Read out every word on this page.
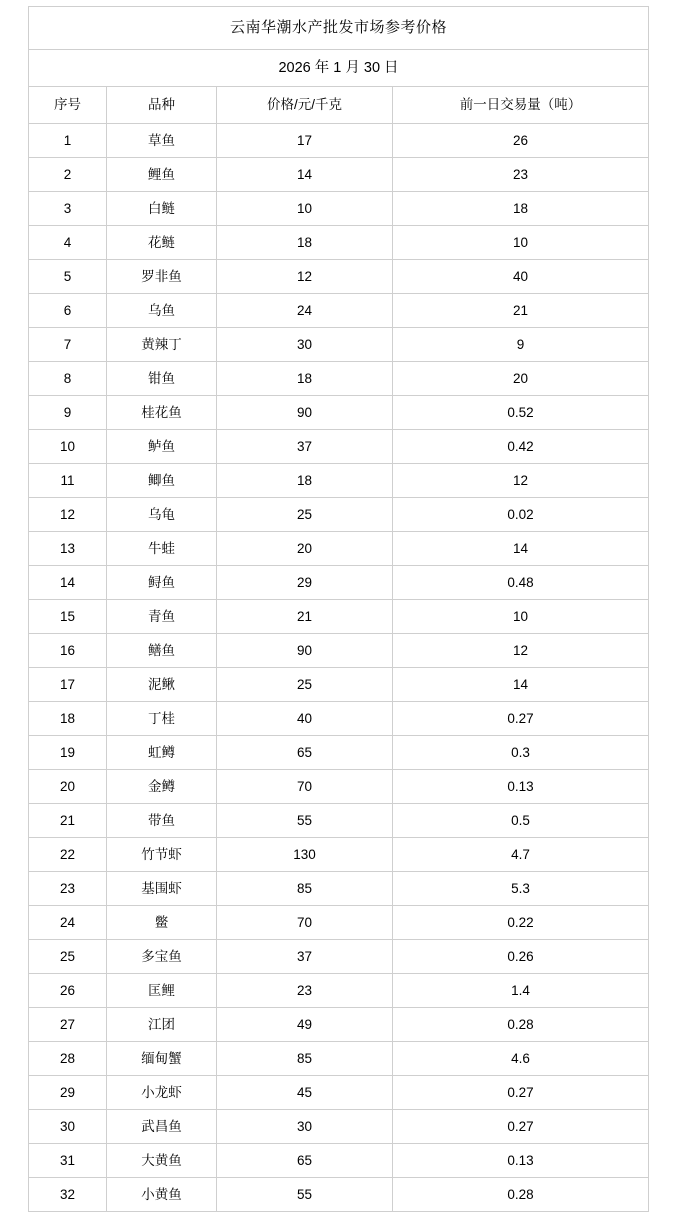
云南华潮水产批发市场参考价格			
2026 年 1 月 30 日			
序号	品种	价格/元/千克	前一日交易量（吨）
1	草鱼	17	26
2	鲤鱼	14	23
3	白鲢	10	18
4	花鲢	18	10
5	罗非鱼	12	40
6	乌鱼	24	21
7	黄辣丁	30	9
8	钳鱼	18	20
9	桂花鱼	90	0.52
10	鲈鱼	37	0.42
11	鲫鱼	18	12
12	乌龟	25	0.02
13	牛蛙	20	14
14	鲟鱼	29	0.48
15	青鱼	21	10
16	鳝鱼	90	12
17	泥鳅	25	14
18	丁桂	40	0.27
19	虹鳟	65	0.3
20	金鳟	70	0.13
21	带鱼	55	0.5
22	竹节虾	130	4.7
23	基围虾	85	5.3
24	鳖	70	0.22
25	多宝鱼	37	0.26
26	匡鲤	23	1.4
27	江团	49	0.28
28	缅甸蟹	85	4.6
29	小龙虾	45	0.27
30	武昌鱼	30	0.27
31	大黄鱼	65	0.13
32	小黄鱼	55	0.28
